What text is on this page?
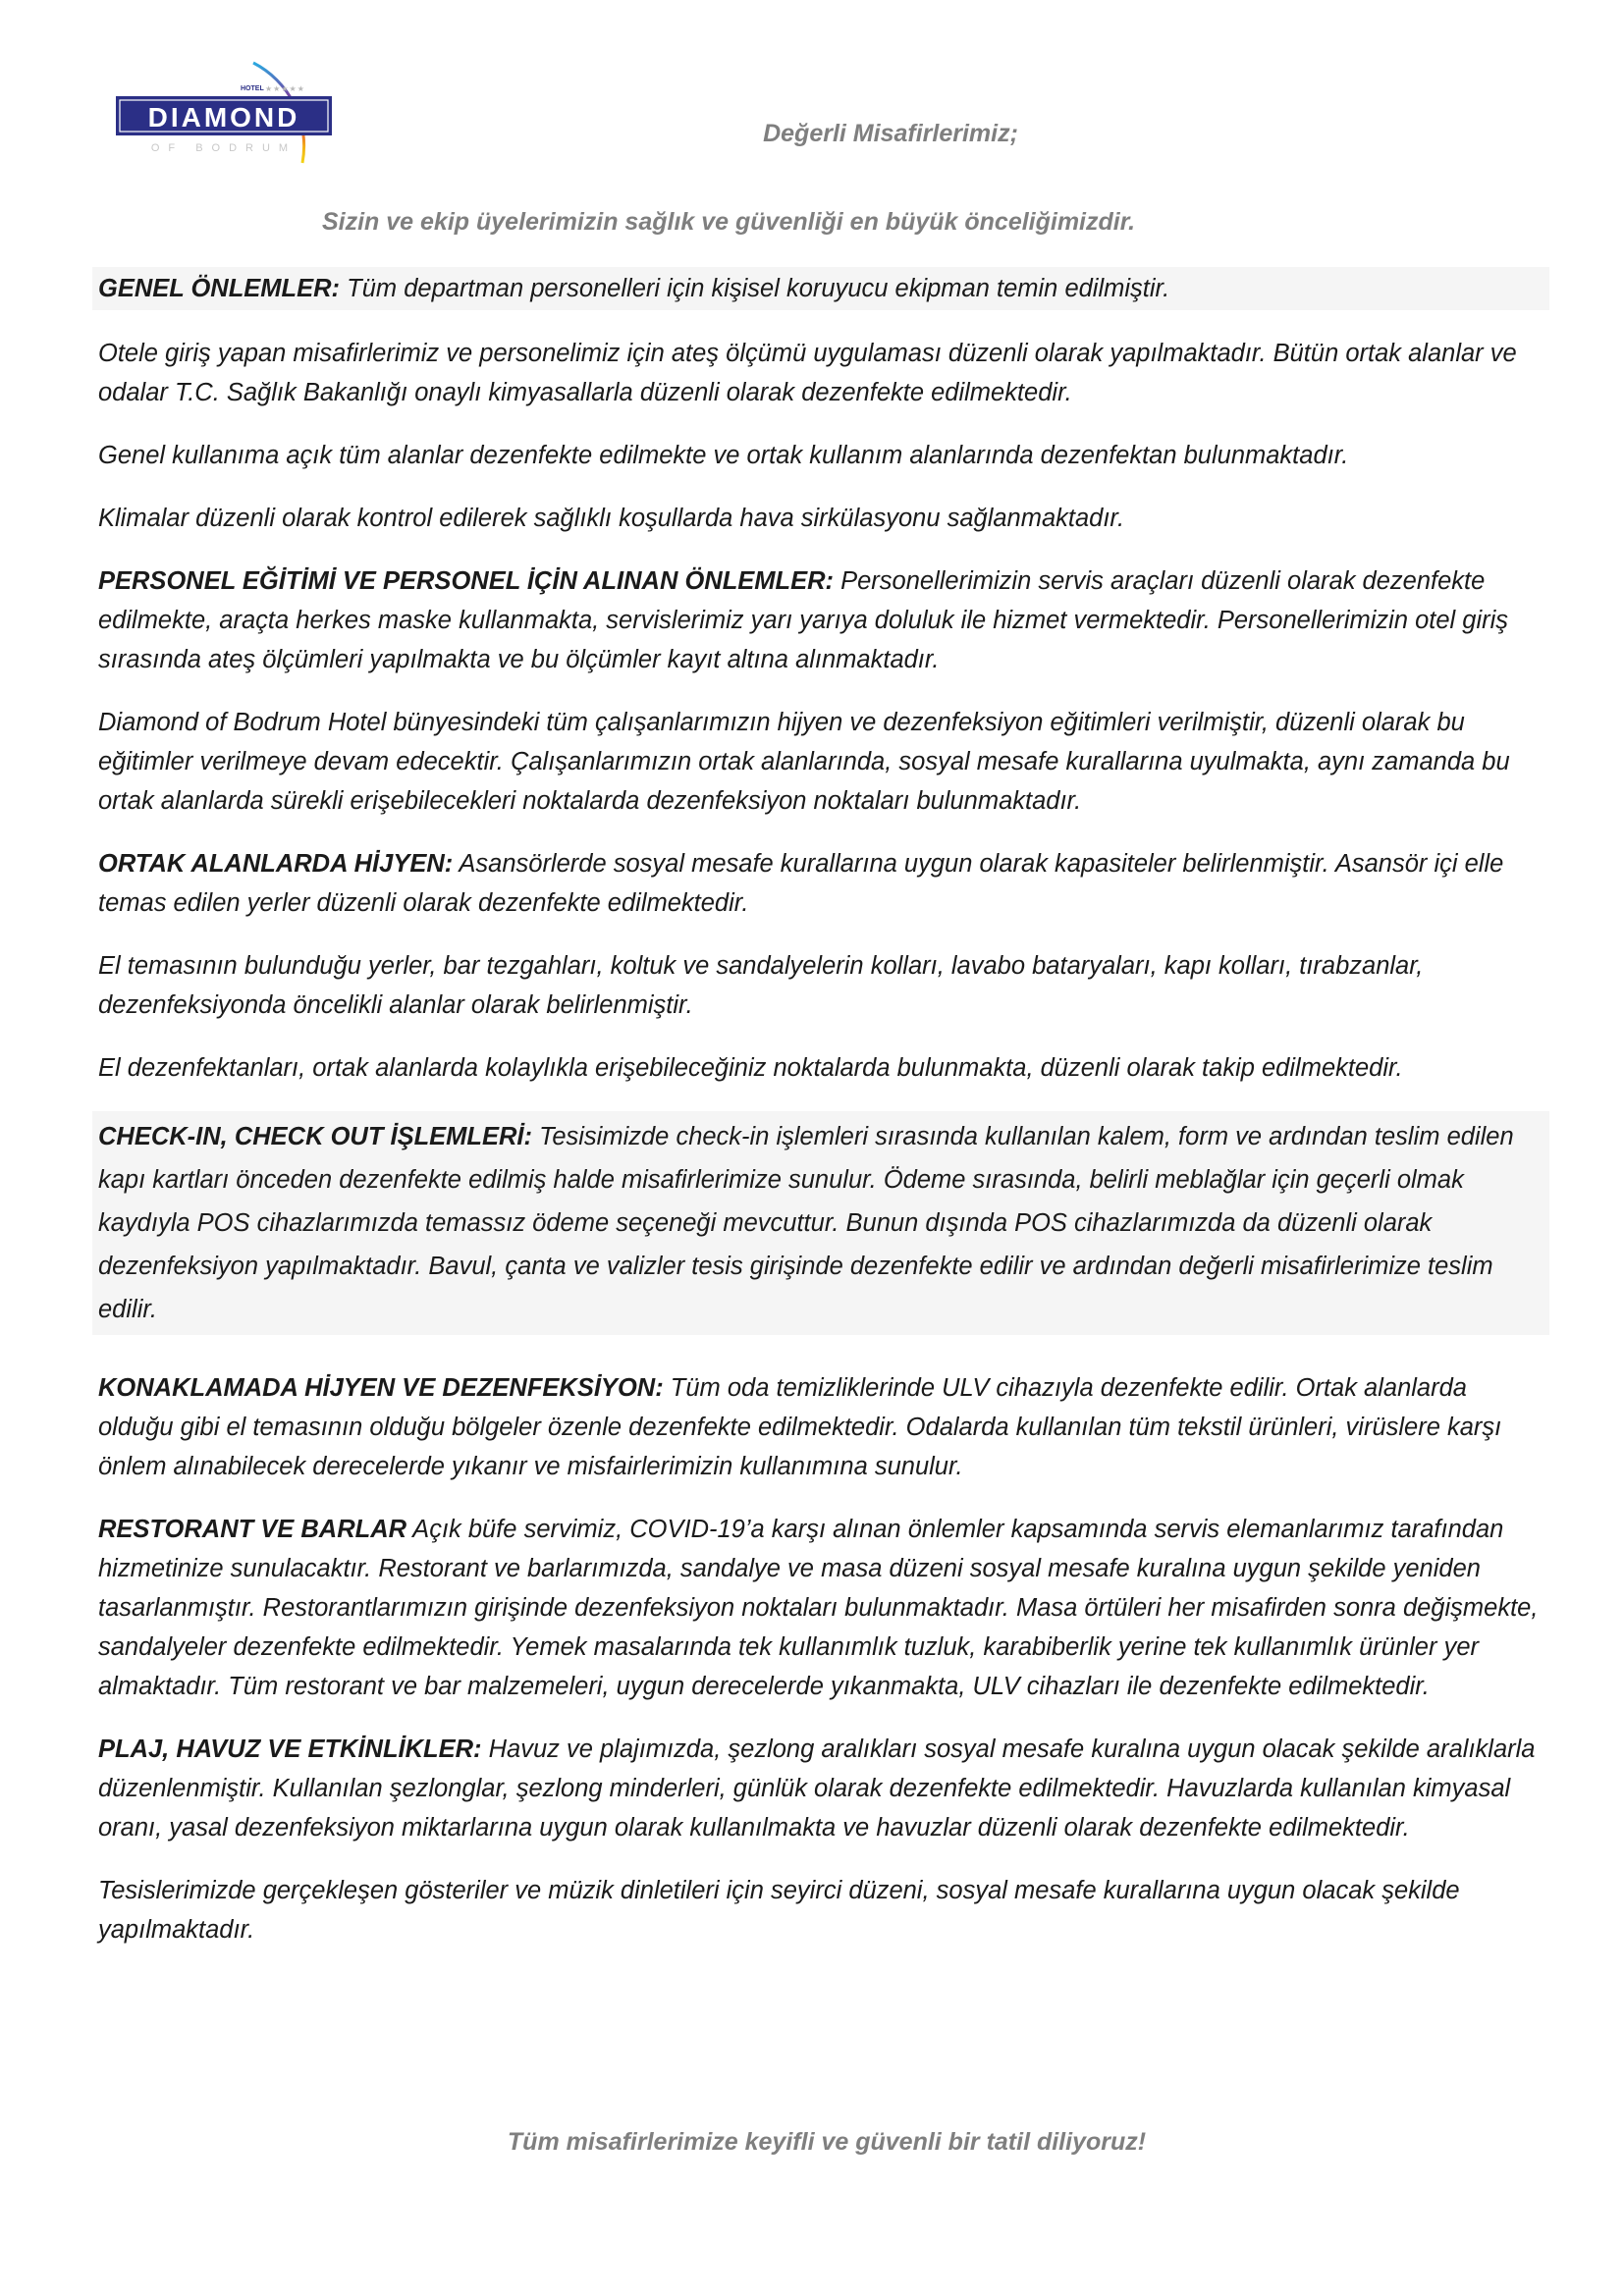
HOTEL ★★★★★
DIAMOND
OF BODRUM
Değerli Misafirlerimiz;
Sizin ve ekip üyelerimizin sağlık ve güvenliği en büyük önceliğimizdir.

GENEL ÖNLEMLER: Tüm departman personelleri için kişisel koruyucu ekipman temin edilmiştir.

Otele giriş yapan misafirlerimiz ve personelimiz için ateş ölçümü uygulaması düzenli olarak yapılmaktadır. Bütün ortak alanlar ve odalar T.C. Sağlık Bakanlığı onaylı kimyasallarla düzenli olarak dezenfekte edilmektedir.

Genel kullanıma açık tüm alanlar dezenfekte edilmekte ve ortak kullanım alanlarında dezenfektan bulunmaktadır.

Klimalar düzenli olarak kontrol edilerek sağlıklı koşullarda hava sirkülasyonu sağlanmaktadır.

PERSONEL EĞİTİMİ VE PERSONEL İÇİN ALINAN ÖNLEMLER: Personellerimizin servis araçları düzenli olarak dezenfekte edilmekte, araçta herkes maske kullanmakta, servislerimiz yarı yarıya doluluk ile hizmet vermektedir. Personellerimizin otel giriş sırasında ateş ölçümleri yapılmakta ve bu ölçümler kayıt altına alınmaktadır.

Diamond of Bodrum Hotel bünyesindeki tüm çalışanlarımızın hijyen ve dezenfeksiyon eğitimleri verilmiştir, düzenli olarak bu eğitimler verilmeye devam edecektir. Çalışanlarımızın ortak alanlarında, sosyal mesafe kurallarına uyulmakta, aynı zamanda bu ortak alanlarda sürekli erişebilecekleri noktalarda dezenfeksiyon noktaları bulunmaktadır.

ORTAK ALANLARDA HİJYEN: Asansörlerde sosyal mesafe kurallarına uygun olarak kapasiteler belirlenmiştir. Asansör içi elle temas edilen yerler düzenli olarak dezenfekte edilmektedir.

El temasının bulunduğu yerler, bar tezgahları, koltuk ve sandalyelerin kolları, lavabo bataryaları, kapı kolları, tırabzanlar, dezenfeksiyonda öncelikli alanlar olarak belirlenmiştir.

El dezenfektanları, ortak alanlarda kolaylıkla erişebileceğiniz noktalarda bulunmakta, düzenli olarak takip edilmektedir.

CHECK-IN, CHECK OUT İŞLEMLERİ: Tesisimizde check-in işlemleri sırasında kullanılan kalem, form ve ardından teslim edilen kapı kartları önceden dezenfekte edilmiş halde misafirlerimize sunulur. Ödeme sırasında, belirli meblağlar için geçerli olmak kaydıyla POS cihazlarımızda temassız ödeme seçeneği mevcuttur. Bunun dışında POS cihazlarımızda da düzenli olarak dezenfeksiyon yapılmaktadır. Bavul, çanta ve valizler tesis girişinde dezenfekte edilir ve ardından değerli misafirlerimize teslim edilir.

KONAKLAMADA HİJYEN VE DEZENFEKSİYON: Tüm oda temizliklerinde ULV cihazıyla dezenfekte edilir. Ortak alanlarda olduğu gibi el temasının olduğu bölgeler özenle dezenfekte edilmektedir. Odalarda kullanılan tüm tekstil ürünleri, virüslere karşı önlem alınabilecek derecelerde yıkanır ve misfairlerimizin kullanımına sunulur.

RESTORANT VE BARLAR Açık büfe servimiz, COVID-19’a karşı alınan önlemler kapsamında servis elemanlarımız tarafından hizmetinize sunulacaktır. Restorant ve barlarımızda, sandalye ve masa düzeni sosyal mesafe kuralına uygun şekilde yeniden tasarlanmıştır. Restorantlarımızın girişinde dezenfeksiyon noktaları bulunmaktadır. Masa örtüleri her misafirden sonra değişmekte, sandalyeler dezenfekte edilmektedir. Yemek masalarında tek kullanımlık tuzluk, karabiberlik yerine tek kullanımlık ürünler yer almaktadır. Tüm restorant ve bar malzemeleri, uygun derecelerde yıkanmakta, ULV cihazları ile dezenfekte edilmektedir.

PLAJ, HAVUZ VE ETKİNLİKLER: Havuz ve plajımızda, şezlong aralıkları sosyal mesafe kuralına uygun olacak şekilde aralıklarla düzenlenmiştir. Kullanılan şezlonglar, şezlong minderleri, günlük olarak dezenfekte edilmektedir. Havuzlarda kullanılan kimyasal oranı, yasal dezenfeksiyon miktarlarına uygun olarak kullanılmakta ve havuzlar düzenli olarak dezenfekte edilmektedir.

Tesislerimizde gerçekleşen gösteriler ve müzik dinletileri için seyirci düzeni, sosyal mesafe kurallarına uygun olacak şekilde yapılmaktadır.

Tüm misafirlerimize keyifli ve güvenli bir tatil diliyoruz!
